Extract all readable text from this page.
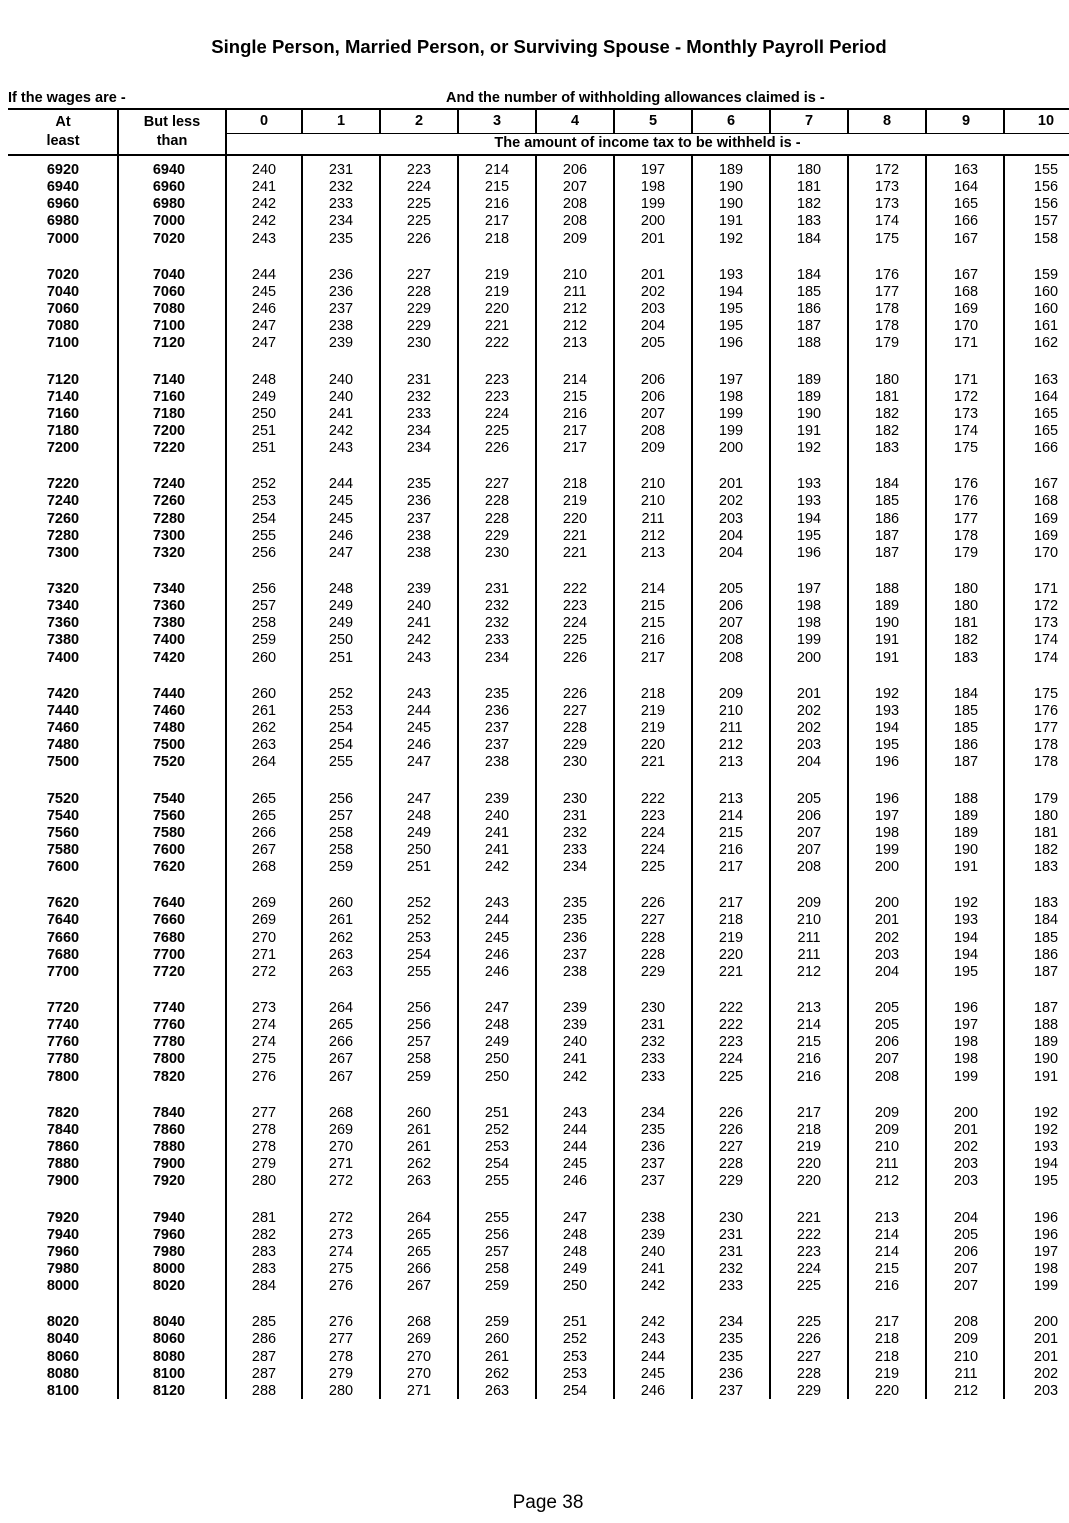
Single Person, Married Person, or Surviving Spouse - Monthly Payroll Period
If the wages are -	And the number of withholding allowances claimed is -
At
least
But less
than
0	1	2	3	4	5	6	7	8	9	10
The amount of income tax to be withheld is -
6920	6940	240	231	223	214	206	197	189	180	172	163	155
6940	6960	241	232	224	215	207	198	190	181	173	164	156
6960	6980	242	233	225	216	208	199	190	182	173	165	156
6980	7000	242	234	225	217	208	200	191	183	174	166	157
7000	7020	243	235	226	218	209	201	192	184	175	167	158
7020	7040	244	236	227	219	210	201	193	184	176	167	159
7040	7060	245	236	228	219	211	202	194	185	177	168	160
7060	7080	246	237	229	220	212	203	195	186	178	169	160
7080	7100	247	238	229	221	212	204	195	187	178	170	161
7100	7120	247	239	230	222	213	205	196	188	179	171	162
7120	7140	248	240	231	223	214	206	197	189	180	171	163
7140	7160	249	240	232	223	215	206	198	189	181	172	164
7160	7180	250	241	233	224	216	207	199	190	182	173	165
7180	7200	251	242	234	225	217	208	199	191	182	174	165
7200	7220	251	243	234	226	217	209	200	192	183	175	166
7220	7240	252	244	235	227	218	210	201	193	184	176	167
7240	7260	253	245	236	228	219	210	202	193	185	176	168
7260	7280	254	245	237	228	220	211	203	194	186	177	169
7280	7300	255	246	238	229	221	212	204	195	187	178	169
7300	7320	256	247	238	230	221	213	204	196	187	179	170
7320	7340	256	248	239	231	222	214	205	197	188	180	171
7340	7360	257	249	240	232	223	215	206	198	189	180	172
7360	7380	258	249	241	232	224	215	207	198	190	181	173
7380	7400	259	250	242	233	225	216	208	199	191	182	174
7400	7420	260	251	243	234	226	217	208	200	191	183	174
7420	7440	260	252	243	235	226	218	209	201	192	184	175
7440	7460	261	253	244	236	227	219	210	202	193	185	176
7460	7480	262	254	245	237	228	219	211	202	194	185	177
7480	7500	263	254	246	237	229	220	212	203	195	186	178
7500	7520	264	255	247	238	230	221	213	204	196	187	178
7520	7540	265	256	247	239	230	222	213	205	196	188	179
7540	7560	265	257	248	240	231	223	214	206	197	189	180
7560	7580	266	258	249	241	232	224	215	207	198	189	181
7580	7600	267	258	250	241	233	224	216	207	199	190	182
7600	7620	268	259	251	242	234	225	217	208	200	191	183
7620	7640	269	260	252	243	235	226	217	209	200	192	183
7640	7660	269	261	252	244	235	227	218	210	201	193	184
7660	7680	270	262	253	245	236	228	219	211	202	194	185
7680	7700	271	263	254	246	237	228	220	211	203	194	186
7700	7720	272	263	255	246	238	229	221	212	204	195	187
7720	7740	273	264	256	247	239	230	222	213	205	196	187
7740	7760	274	265	256	248	239	231	222	214	205	197	188
7760	7780	274	266	257	249	240	232	223	215	206	198	189
7780	7800	275	267	258	250	241	233	224	216	207	198	190
7800	7820	276	267	259	250	242	233	225	216	208	199	191
7820	7840	277	268	260	251	243	234	226	217	209	200	192
7840	7860	278	269	261	252	244	235	226	218	209	201	192
7860	7880	278	270	261	253	244	236	227	219	210	202	193
7880	7900	279	271	262	254	245	237	228	220	211	203	194
7900	7920	280	272	263	255	246	237	229	220	212	203	195
7920	7940	281	272	264	255	247	238	230	221	213	204	196
7940	7960	282	273	265	256	248	239	231	222	214	205	196
7960	7980	283	274	265	257	248	240	231	223	214	206	197
7980	8000	283	275	266	258	249	241	232	224	215	207	198
8000	8020	284	276	267	259	250	242	233	225	216	207	199
8020	8040	285	276	268	259	251	242	234	225	217	208	200
8040	8060	286	277	269	260	252	243	235	226	218	209	201
8060	8080	287	278	270	261	253	244	235	227	218	210	201
8080	8100	287	279	270	262	253	245	236	228	219	211	202
8100	8120	288	280	271	263	254	246	237	229	220	212	203
Page 38
